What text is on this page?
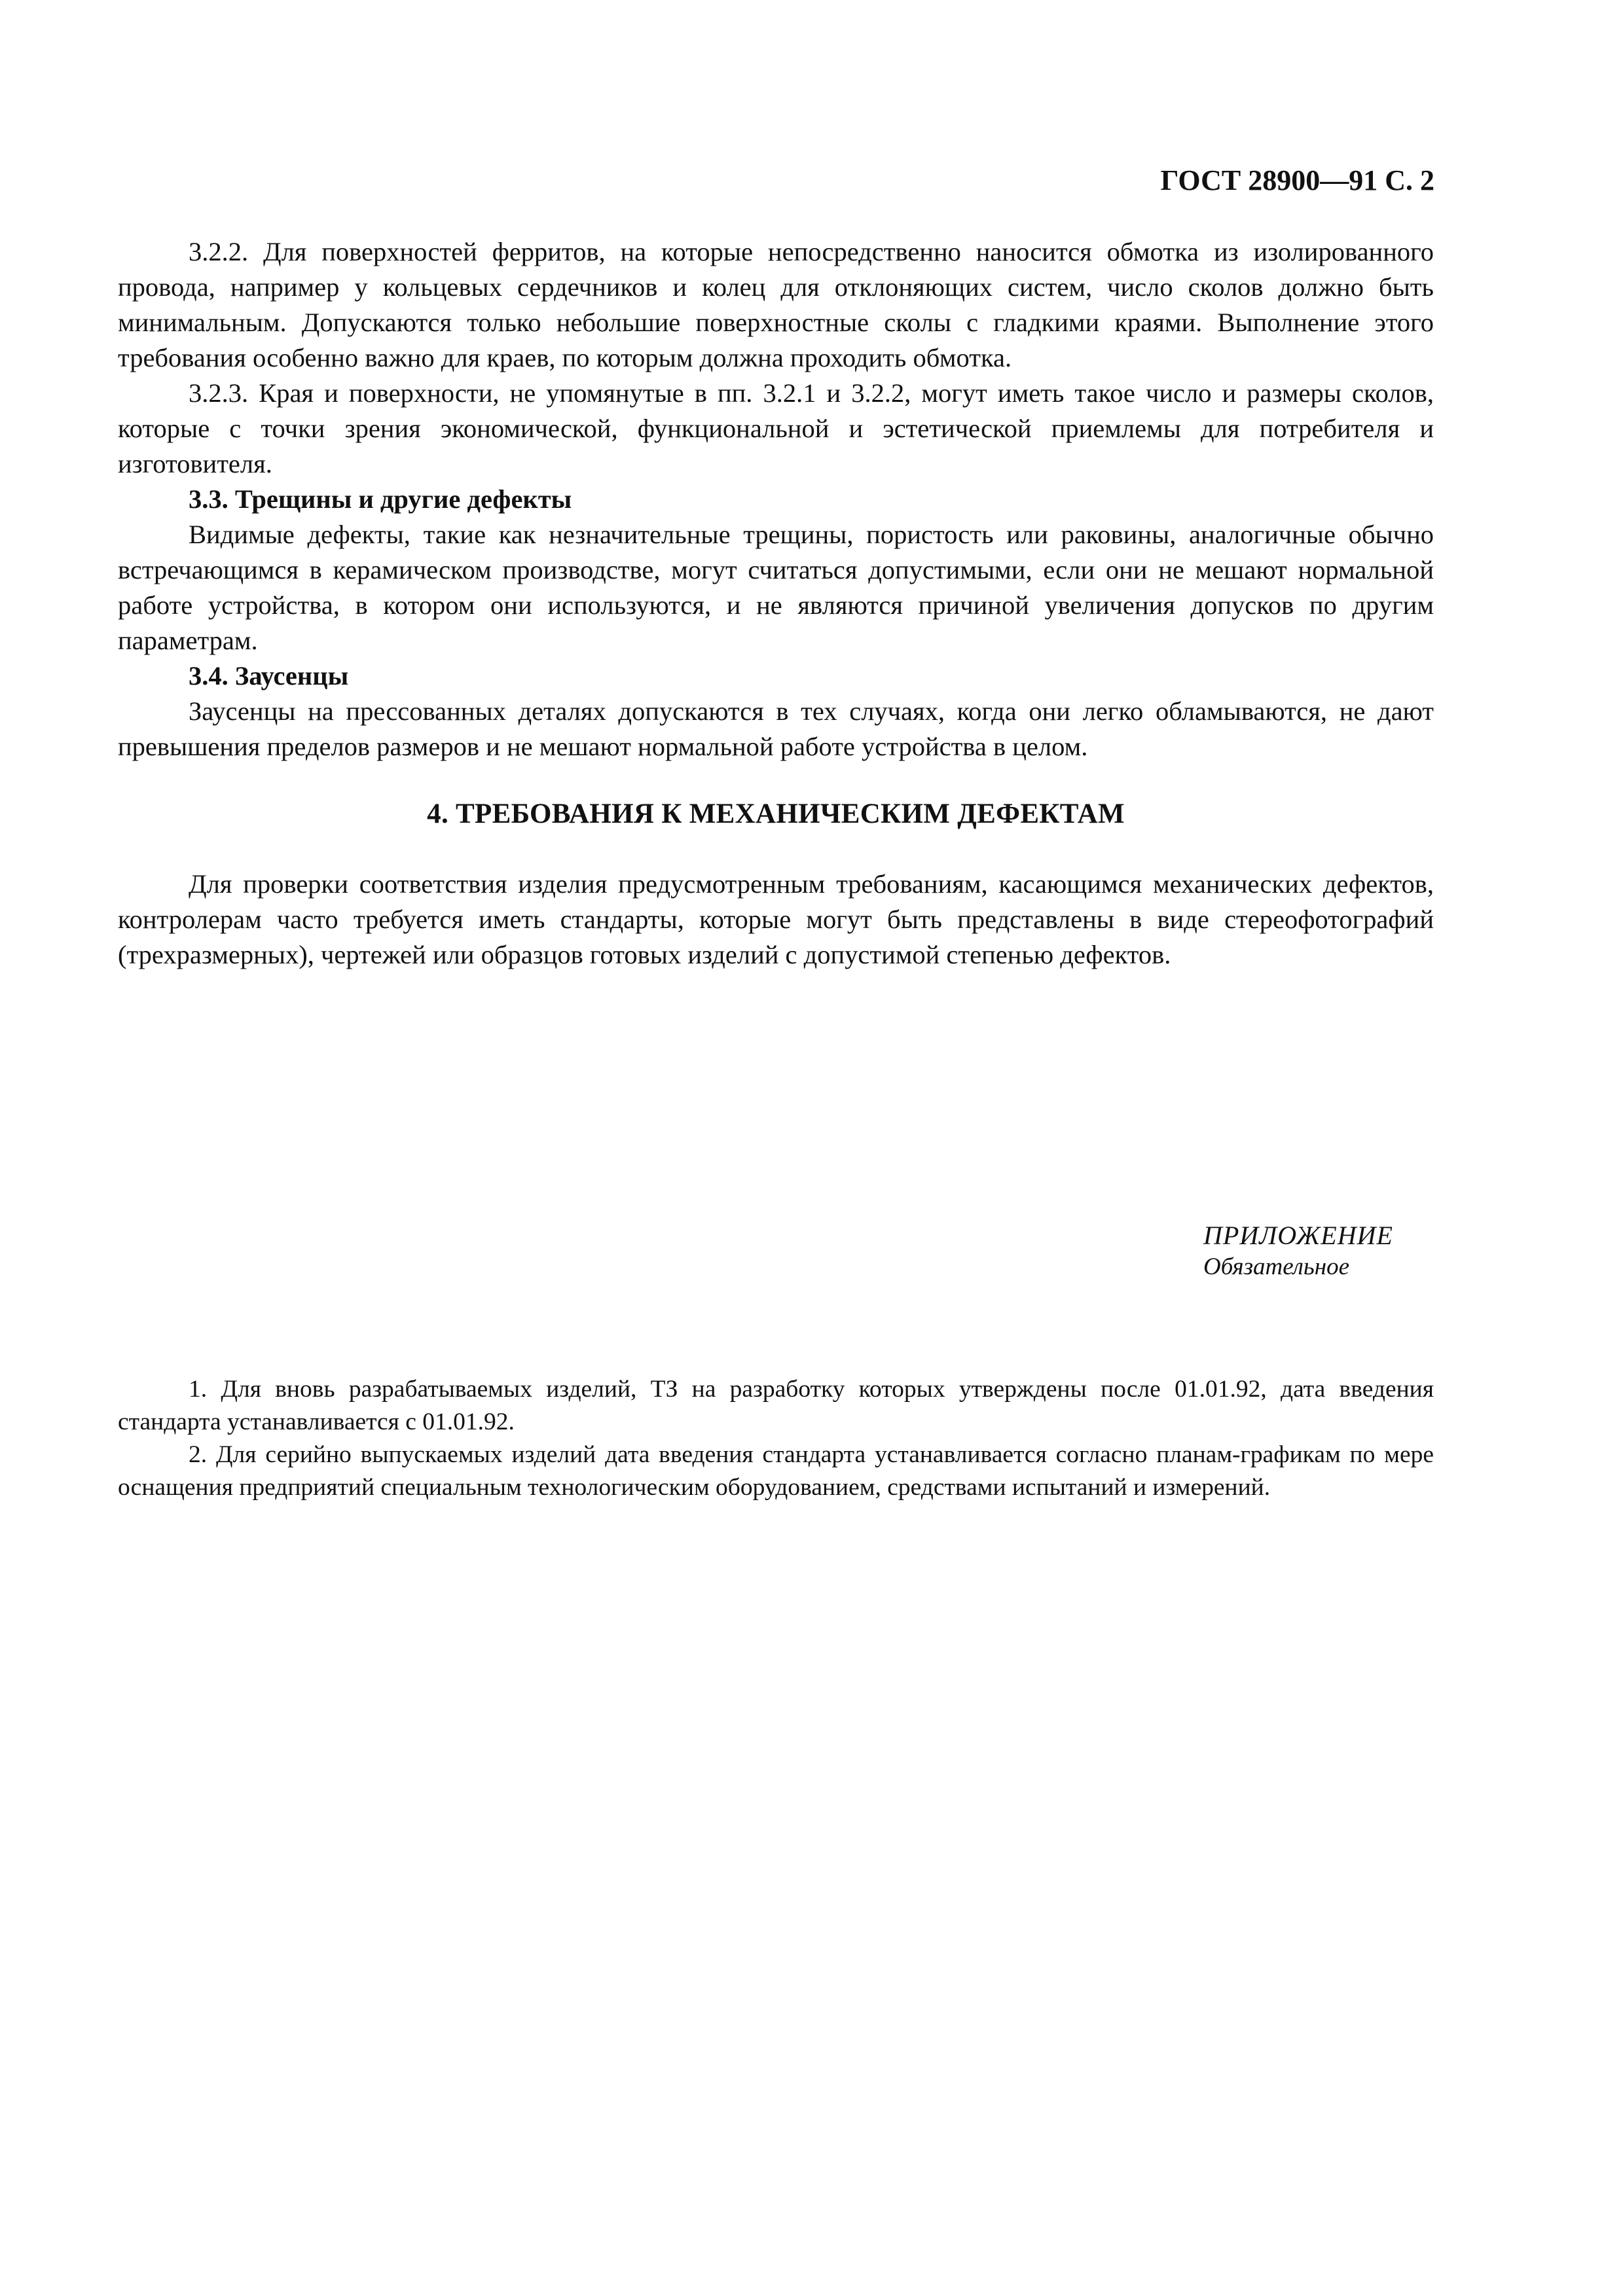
ГОСТ 28900—91 С. 2

3.2.2. Для поверхностей ферритов, на которые непосредственно наносится обмотка из изолированного провода, например у кольцевых сердечников и колец для отклоняющих систем, число сколов должно быть минимальным. Допускаются только небольшие поверхностные сколы с гладкими краями. Выполнение этого требования особенно важно для краев, по которым должна проходить обмотка.

3.2.3. Края и поверхности, не упомянутые в пп. 3.2.1 и 3.2.2, могут иметь такое число и размеры сколов, которые с точки зрения экономической, функциональной и эстетической приемлемы для потребителя и изготовителя.

3.3. Трещины и другие дефекты

Видимые дефекты, такие как незначительные трещины, пористость или раковины, аналогичные обычно встречающимся в керамическом производстве, могут считаться допустимыми, если они не мешают нормальной работе устройства, в котором они используются, и не являются причиной увеличения допусков по другим параметрам.

3.4. Заусенцы

Заусенцы на прессованных деталях допускаются в тех случаях, когда они легко обламываются, не дают превышения пределов размеров и не мешают нормальной работе устройства в целом.

4. ТРЕБОВАНИЯ К МЕХАНИЧЕСКИМ ДЕФЕКТАМ

Для проверки соответствия изделия предусмотренным требованиям, касающимся механических дефектов, контролерам часто требуется иметь стандарты, которые могут быть представлены в виде стереофотографий (трехразмерных), чертежей или образцов готовых изделий с допустимой степенью дефектов.

ПРИЛОЖЕНИЕ
Обязательное

1. Для вновь разрабатываемых изделий, ТЗ на разработку которых утверждены после 01.01.92, дата введения стандарта устанавливается с 01.01.92.

2. Для серийно выпускаемых изделий дата введения стандарта устанавливается согласно планам-графикам по мере оснащения предприятий специальным технологическим оборудованием, средствами испытаний и измерений.
